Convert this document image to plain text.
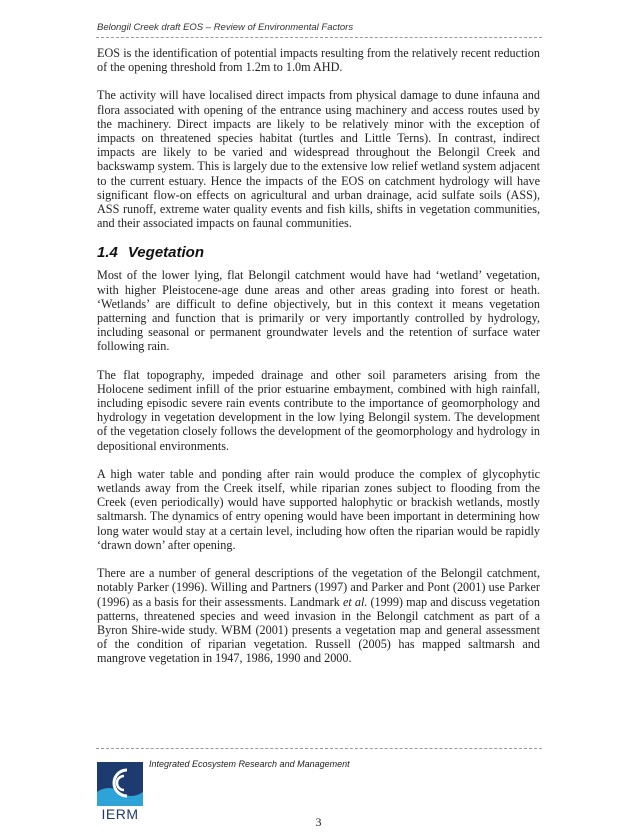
Belongil Creek draft EOS – Review of Environmental Factors

EOS is the identification of potential impacts resulting from the relatively recent reduction of the opening threshold from 1.2m to 1.0m AHD.

The activity will have localised direct impacts from physical damage to dune infauna and flora associated with opening of the entrance using machinery and access routes used by the machinery. Direct impacts are likely to be relatively minor with the exception of impacts on threatened species habitat (turtles and Little Terns). In contrast, indirect impacts are likely to be varied and widespread throughout the Belongil Creek and backswamp system. This is largely due to the extensive low relief wetland system adjacent to the current estuary. Hence the impacts of the EOS on catchment hydrology will have significant flow-on effects on agricultural and urban drainage, acid sulfate soils (ASS), ASS runoff, extreme water quality events and fish kills, shifts in vegetation communities, and their associated impacts on faunal communities.

1.4 Vegetation

Most of the lower lying, flat Belongil catchment would have had ‘wetland’ vegetation, with higher Pleistocene-age dune areas and other areas grading into forest or heath. ‘Wetlands’ are difficult to define objectively, but in this context it means vegetation patterning and function that is primarily or very importantly controlled by hydrology, including seasonal or permanent groundwater levels and the retention of surface water following rain.

The flat topography, impeded drainage and other soil parameters arising from the Holocene sediment infill of the prior estuarine embayment, combined with high rainfall, including episodic severe rain events contribute to the importance of geomorphology and hydrology in vegetation development in the low lying Belongil system. The development of the vegetation closely follows the development of the geomorphology and hydrology in depositional environments.

A high water table and ponding after rain would produce the complex of glycophytic wetlands away from the Creek itself, while riparian zones subject to flooding from the Creek (even periodically) would have supported halophytic or brackish wetlands, mostly saltmarsh. The dynamics of entry opening would have been important in determining how long water would stay at a certain level, including how often the riparian would be rapidly ‘drawn down’ after opening.

There are a number of general descriptions of the vegetation of the Belongil catchment, notably Parker (1996). Willing and Partners (1997) and Parker and Pont (2001) use Parker (1996) as a basis for their assessments. Landmark et al. (1999) map and discuss vegetation patterns, threatened species and weed invasion in the Belongil catchment as part of a Byron Shire-wide study. WBM (2001) presents a vegetation map and general assessment of the condition of riparian vegetation. Russell (2005) has mapped saltmarsh and mangrove vegetation in 1947, 1986, 1990 and 2000.

Integrated Ecosystem Research and Management
IERM	3
